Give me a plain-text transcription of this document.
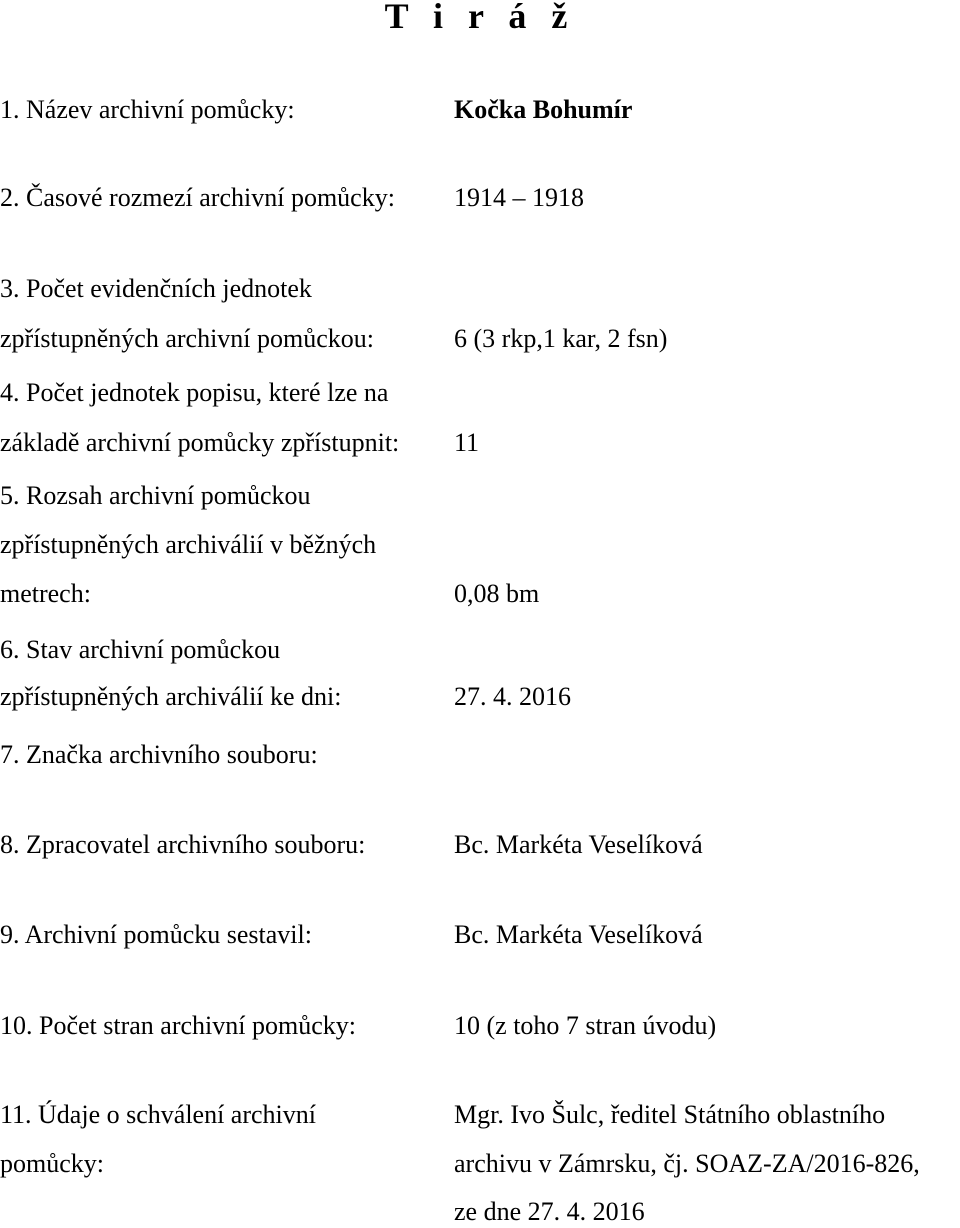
T i r á ž
1. Název archivní pomůcky:	Kočka Bohumír
2. Časové rozmezí archivní pomůcky: 1914 – 1918
3. Počet evidenčních jednotek
zpřístupněných archivní pomůckou:	6 (3 rkp,1 kar, 2 fsn)
4. Počet jednotek popisu, které lze na
základě archivní pomůcky zpřístupnit: 11
5. Rozsah archivní pomůckou
zpřístupněných archiválií v běžných
metrech:	0,08 bm
6. Stav archivní pomůckou
zpřístupněných archiválií ke dni:	27. 4. 2016
7. Značka archivního souboru:
8. Zpracovatel archivního souboru:	Bc. Markéta Veselíková
9. Archivní pomůcku sestavil:	Bc. Markéta Veselíková
10. Počet stran archivní pomůcky:	10 (z toho 7 stran úvodu)
11. Údaje o schválení archivní
pomůcky:
Mgr. Ivo Šulc, ředitel Státního oblastního
archivu v Zámrsku, čj. SOAZ-ZA/2016-826,
ze dne 27. 4. 2016
